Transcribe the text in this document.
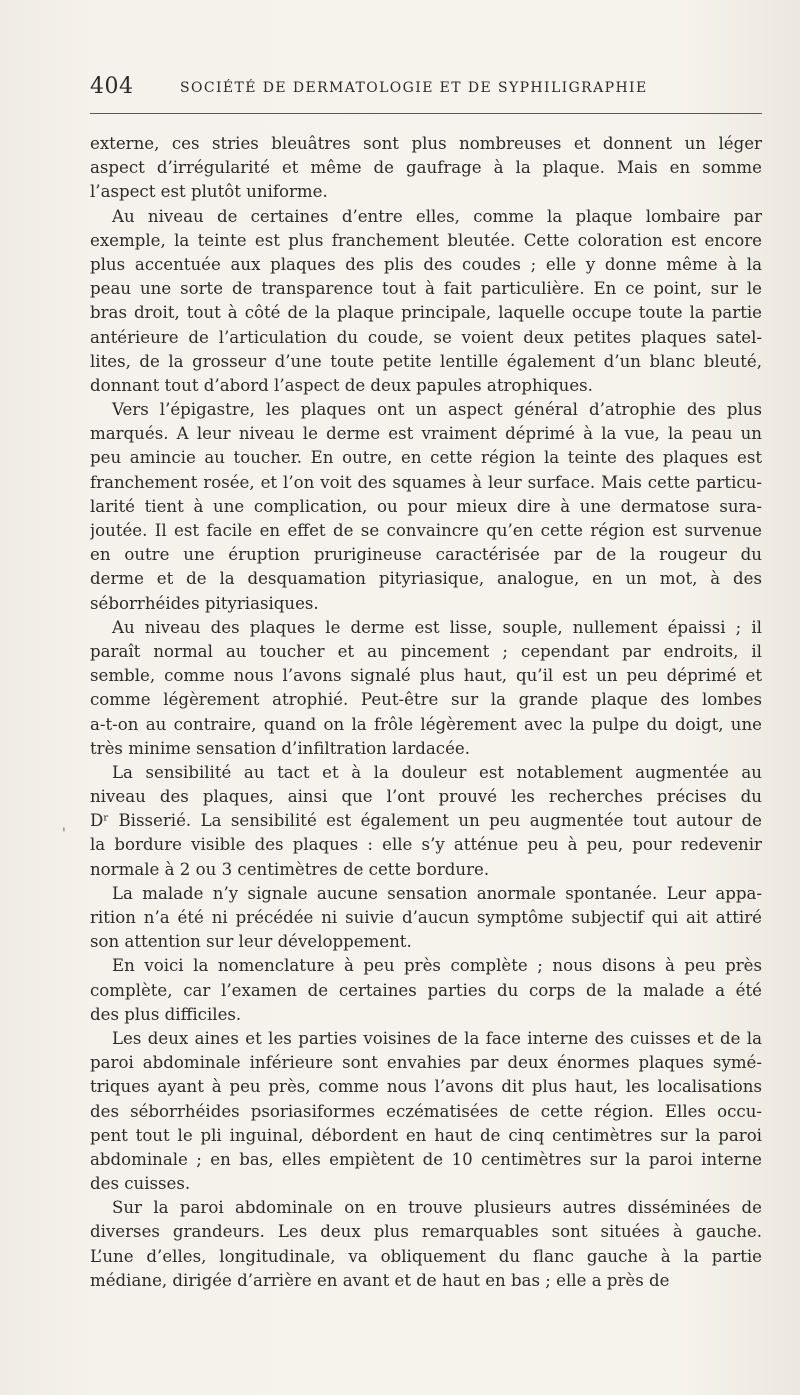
404	SOCIÉTÉ DE DERMATOLOGIE ET DE SYPHILIGRAPHIE
'
externe, ces stries bleuâtres sont plus nombreuses et donnent un léger
aspect d’irrégularité et même de gaufrage à la plaque. Mais en somme
l’aspect est plutôt uniforme.
Au niveau de certaines d’entre elles, comme la plaque lombaire par
exemple, la teinte est plus franchement bleutée. Cette coloration est encore
plus accentuée aux plaques des plis des coudes ; elle y donne même à la
peau une sorte de transparence tout à fait particulière. En ce point, sur le
bras droit, tout à côté de la plaque principale, laquelle occupe toute la partie
antérieure de l’articulation du coude, se voient deux petites plaques satel-
lites, de la grosseur d’une toute petite lentille également d’un blanc bleuté,
donnant tout d’abord l’aspect de deux papules atrophiques.
Vers l’épigastre, les plaques ont un aspect général d’atrophie des plus
marqués. A leur niveau le derme est vraiment déprimé à la vue, la peau un
peu amincie au toucher. En outre, en cette région la teinte des plaques est
franchement rosée, et l’on voit des squames à leur surface. Mais cette particu-
larité tient à une complication, ou pour mieux dire à une dermatose sura-
joutée. Il est facile en effet de se convaincre qu’en cette région est survenue
en outre une éruption prurigineuse caractérisée par de la rougeur du
derme et de la desquamation pityriasique, analogue, en un mot, à des
séborrhéides pityriasiques.
Au niveau des plaques le derme est lisse, souple, nullement épaissi ; il
paraît normal au toucher et au pincement ; cependant par endroits, il
semble, comme nous l’avons signalé plus haut, qu’il est un peu déprimé et
comme légèrement atrophié. Peut-être sur la grande plaque des lombes
a-t-on au contraire, quand on la frôle légèrement avec la pulpe du doigt, une
très minime sensation d’infiltration lardacée.
La sensibilité au tact et à la douleur est notablement augmentée au
niveau des plaques, ainsi que l’ont prouvé les recherches précises du
Dʳ Bisserié. La sensibilité est également un peu augmentée tout autour de
la bordure visible des plaques : elle s’y atténue peu à peu, pour redevenir
normale à 2 ou 3 centimètres de cette bordure.
La malade n’y signale aucune sensation anormale spontanée. Leur appa-
rition n’a été ni précédée ni suivie d’aucun symptôme subjectif qui ait attiré
son attention sur leur développement.
En voici la nomenclature à peu près complète ; nous disons à peu près
complète, car l’examen de certaines parties du corps de la malade a été
des plus difficiles.
Les deux aines et les parties voisines de la face interne des cuisses et de la
paroi abdominale inférieure sont envahies par deux énormes plaques symé-
triques ayant à peu près, comme nous l’avons dit plus haut, les localisations
des séborrhéides psoriasiformes eczématisées de cette région. Elles occu-
pent tout le pli inguinal, débordent en haut de cinq centimètres sur la paroi
abdominale ; en bas, elles empiètent de 10 centimètres sur la paroi interne
des cuisses.
Sur la paroi abdominale on en trouve plusieurs autres disséminées de
diverses grandeurs. Les deux plus remarquables sont situées à gauche.
L’une d’elles, longitudinale, va obliquement du flanc gauche à la partie
médiane, dirigée d’arrière en avant et de haut en bas ; elle a près de
